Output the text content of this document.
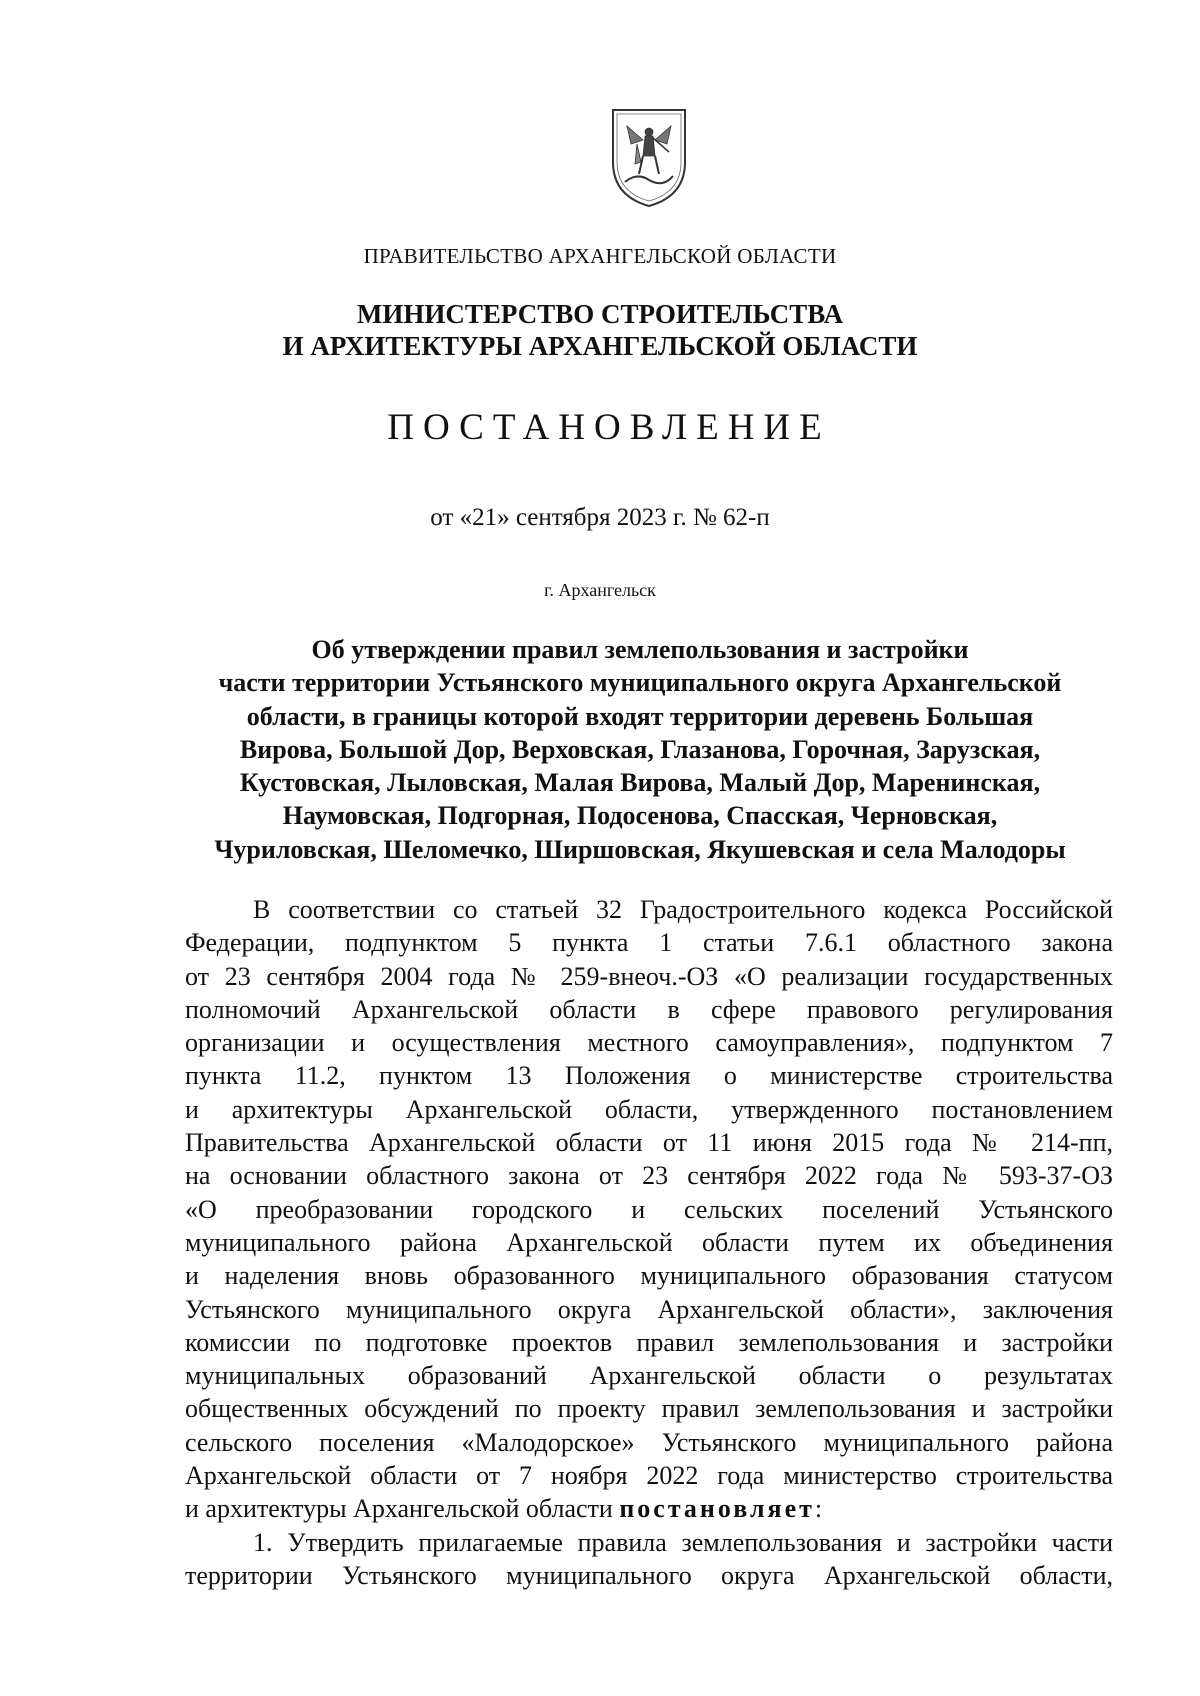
ПРАВИТЕЛЬСТВО АРХАНГЕЛЬСКОЙ ОБЛАСТИ
МИНИСТЕРСТВО СТРОИТЕЛЬСТВА
И АРХИТЕКТУРЫ АРХАНГЕЛЬСКОЙ ОБЛАСТИ
ПОСТАНОВЛЕНИЕ
от «21» сентября 2023 г. № 62-п
г. Архангельск
Об утверждении правил землепользования и застройки
части территории Устьянского муниципального округа Архангельской
области, в границы которой входят территории деревень Большая
Вирова, Большой Дор, Верховская, Глазанова, Горочная, Зарузская,
Кустовская, Лыловская, Малая Вирова, Малый Дор, Маренинская,
Наумовская, Подгорная, Подосенова, Спасская, Черновская,
Чуриловская, Шеломечко, Ширшовская, Якушевская и села Малодоры
В соответствии со статьей 32 Градостроительного кодекса Российской
Федерации, подпунктом 5 пункта 1 статьи 7.6.1 областного закона
от 23 сентября 2004 года № 259-внеоч.-ОЗ «О реализации государственных
полномочий Архангельской области в сфере правового регулирования
организации и осуществления местного самоуправления», подпунктом 7
пункта 11.2, пунктом 13 Положения о министерстве строительства
и архитектуры Архангельской области, утвержденного постановлением
Правительства Архангельской области от 11 июня 2015 года № 214-пп,
на основании областного закона от 23 сентября 2022 года № 593-37-ОЗ
«О преобразовании городского и сельских поселений Устьянского
муниципального района Архангельской области путем их объединения
и наделения вновь образованного муниципального образования статусом
Устьянского муниципального округа Архангельской области», заключения
комиссии по подготовке проектов правил землепользования и застройки
муниципальных образований Архангельской области о результатах
общественных обсуждений по проекту правил землепользования и застройки
сельского поселения «Малодорское» Устьянского муниципального района
Архангельской области от 7 ноября 2022 года министерство строительства
и архитектуры Архангельской области постановляет:
1. Утвердить прилагаемые правила землепользования и застройки части
территории Устьянского муниципального округа Архангельской области,
